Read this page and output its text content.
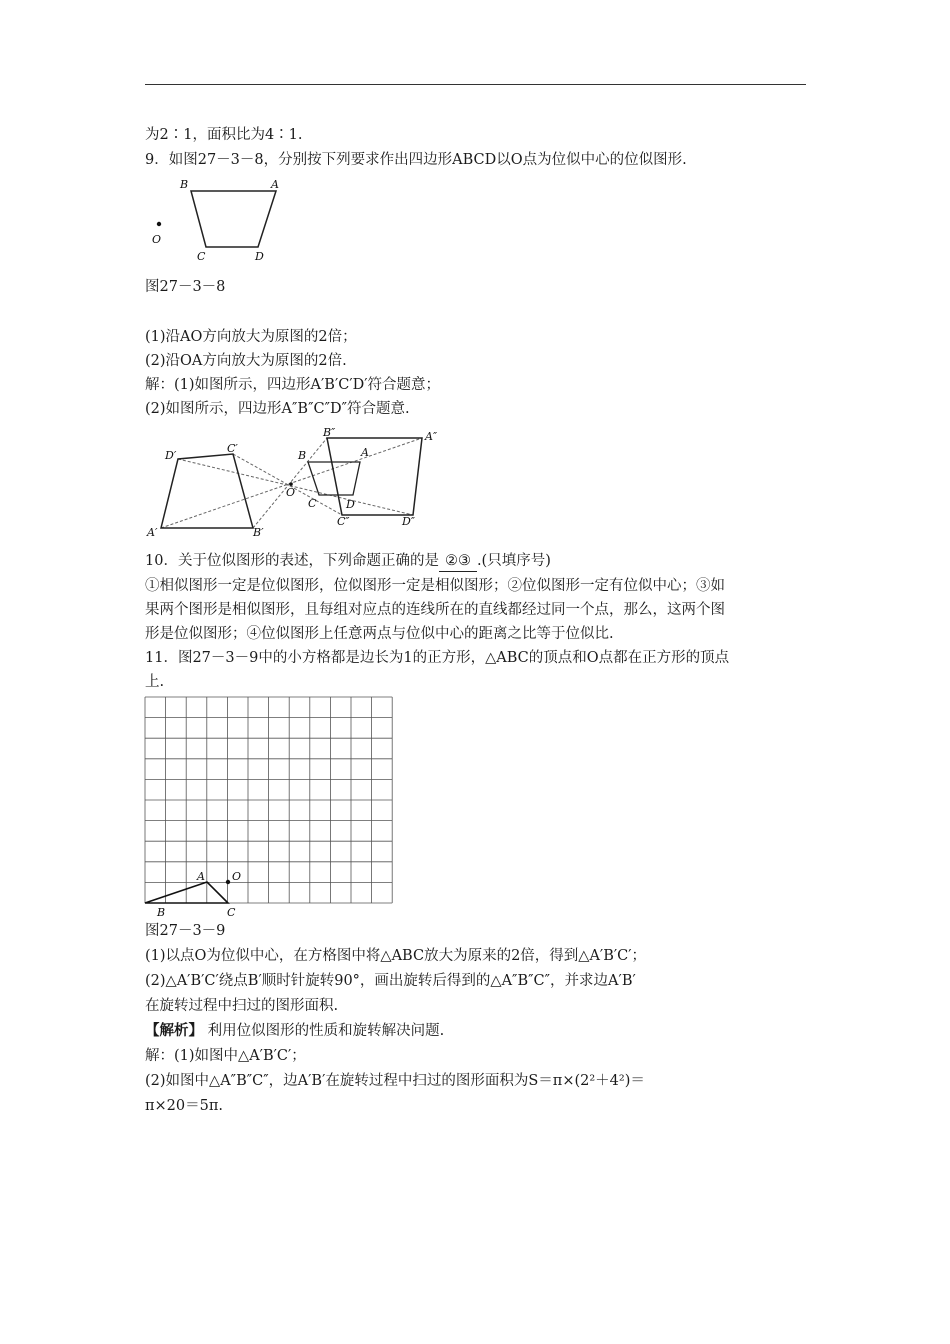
为2∶1，面积比为4∶1.
9．如图27－3－8，分别按下列要求作出四边形ABCD以O点为位似中心的位似图形.
B	A
O
C	D
图27－3－8
(1)沿AO方向放大为原图的2倍；
(2)沿OA方向放大为原图的2倍.
解：(1)如图所示，四边形A′B′C′D′符合题意；
(2)如图所示，四边形A″B″C″D″符合题意.
D′
C′
A′	B′
B	A
O
C	D
B″	A″
C″	D″
10．关于位似图形的表述，下列命题正确的是 ②③ .(只填序号)
①相似图形一定是位似图形，位似图形一定是相似图形；②位似图形一定有位似中心；③如
果两个图形是相似图形，且每组对应点的连线所在的直线都经过同一个点，那么，这两个图
形是位似图形；④位似图形上任意两点与位似中心的距离之比等于位似比.
11．图27－3－9中的小方格都是边长为1的正方形，△ABC的顶点和O点都在正方形的顶点
上.
A O
B	C
图27－3－9
(1)以点O为位似中心，在方格图中将△ABC放大为原来的2倍，得到△A′B′C′；
(2)△A′B′C′绕点B′顺时针旋转90°，画出旋转后得到的△A″B″C″，并求边A′B′
在旋转过程中扫过的图形面积.
【解析】 利用位似图形的性质和旋转解决问题.
解：(1)如图中△A′B′C′；
(2)如图中△A″B″C″，边A′B′在旋转过程中扫过的图形面积为S＝π×(2²＋4²)＝
π×20＝5π.
